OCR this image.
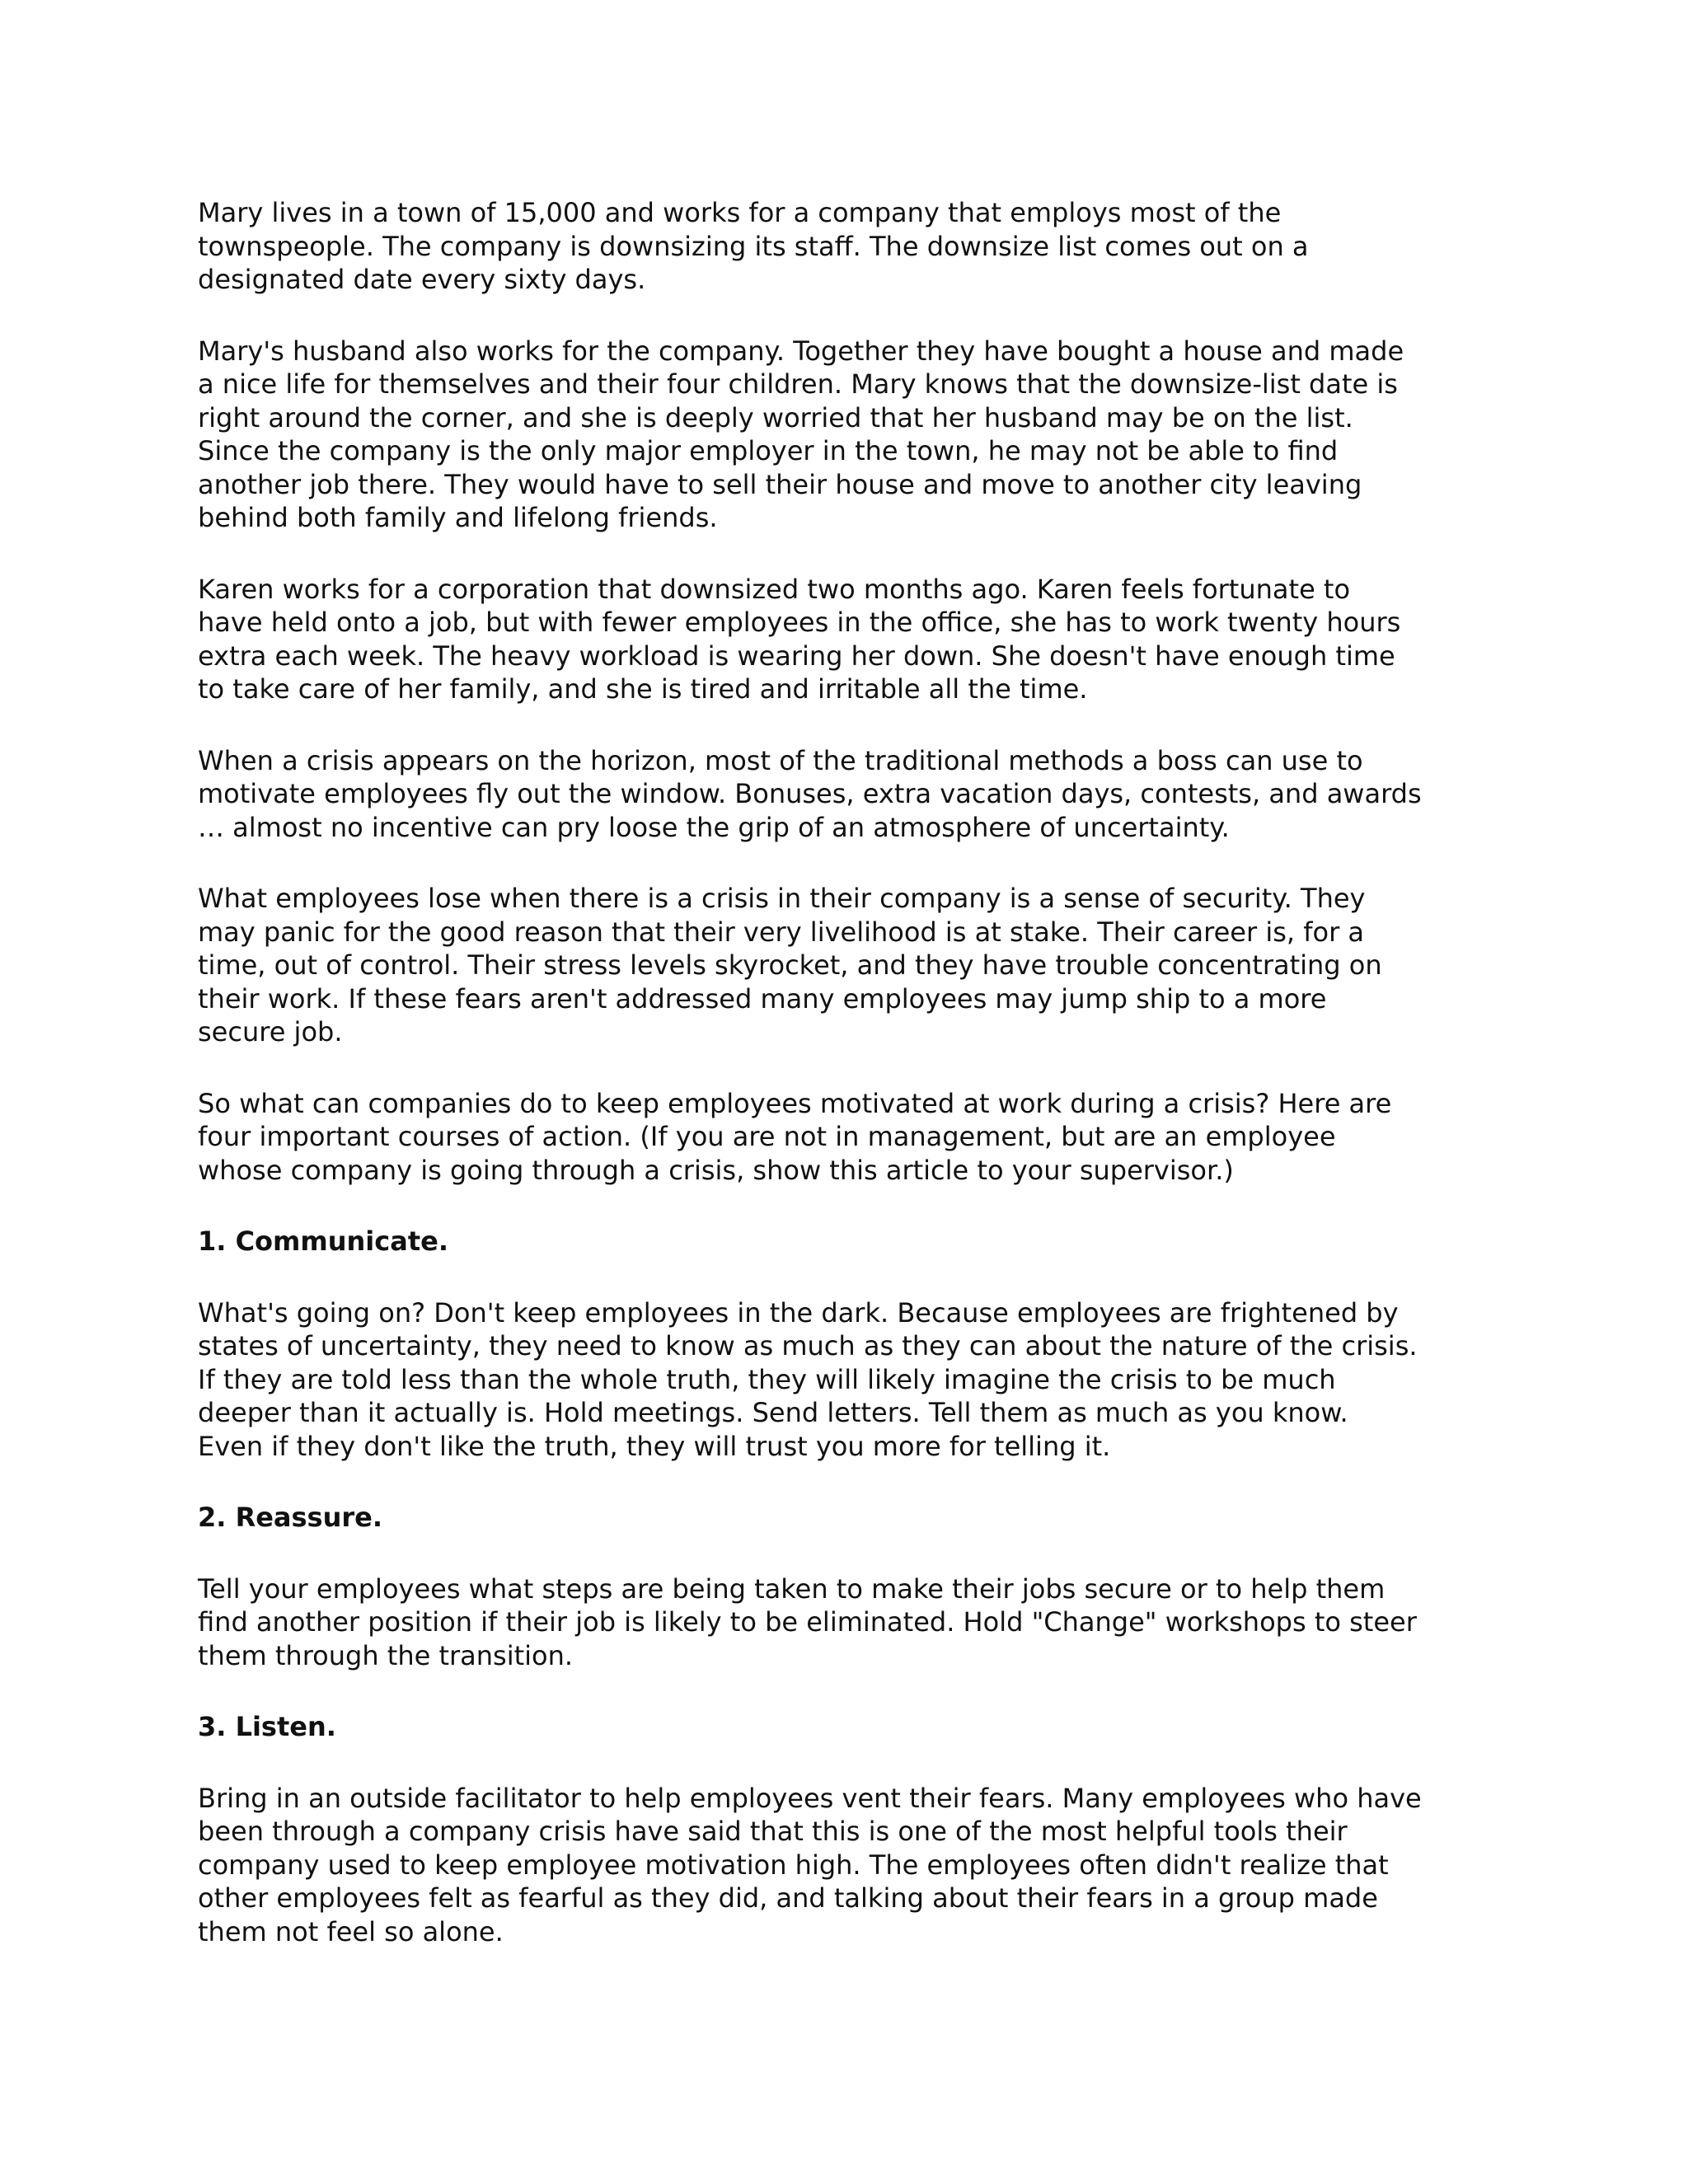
Mary lives in a town of 15,000 and works for a company that employs most of the
townspeople. The company is downsizing its staff. The downsize list comes out on a
designated date every sixty days.

Mary's husband also works for the company. Together they have bought a house and made
a nice life for themselves and their four children. Mary knows that the downsize-list date is
right around the corner, and she is deeply worried that her husband may be on the list.
Since the company is the only major employer in the town, he may not be able to find
another job there. They would have to sell their house and move to another city leaving
behind both family and lifelong friends.

Karen works for a corporation that downsized two months ago. Karen feels fortunate to
have held onto a job, but with fewer employees in the office, she has to work twenty hours
extra each week. The heavy workload is wearing her down. She doesn't have enough time
to take care of her family, and she is tired and irritable all the time.

When a crisis appears on the horizon, most of the traditional methods a boss can use to
motivate employees fly out the window. Bonuses, extra vacation days, contests, and awards
… almost no incentive can pry loose the grip of an atmosphere of uncertainty.

What employees lose when there is a crisis in their company is a sense of security. They
may panic for the good reason that their very livelihood is at stake. Their career is, for a
time, out of control. Their stress levels skyrocket, and they have trouble concentrating on
their work. If these fears aren't addressed many employees may jump ship to a more
secure job.

So what can companies do to keep employees motivated at work during a crisis? Here are
four important courses of action. (If you are not in management, but are an employee
whose company is going through a crisis, show this article to your supervisor.)

1. Communicate.

What's going on? Don't keep employees in the dark. Because employees are frightened by
states of uncertainty, they need to know as much as they can about the nature of the crisis.
If they are told less than the whole truth, they will likely imagine the crisis to be much
deeper than it actually is. Hold meetings. Send letters. Tell them as much as you know.
Even if they don't like the truth, they will trust you more for telling it.

2. Reassure.

Tell your employees what steps are being taken to make their jobs secure or to help them
find another position if their job is likely to be eliminated. Hold "Change" workshops to steer
them through the transition.

3. Listen.

Bring in an outside facilitator to help employees vent their fears. Many employees who have
been through a company crisis have said that this is one of the most helpful tools their
company used to keep employee motivation high. The employees often didn't realize that
other employees felt as fearful as they did, and talking about their fears in a group made
them not feel so alone.
